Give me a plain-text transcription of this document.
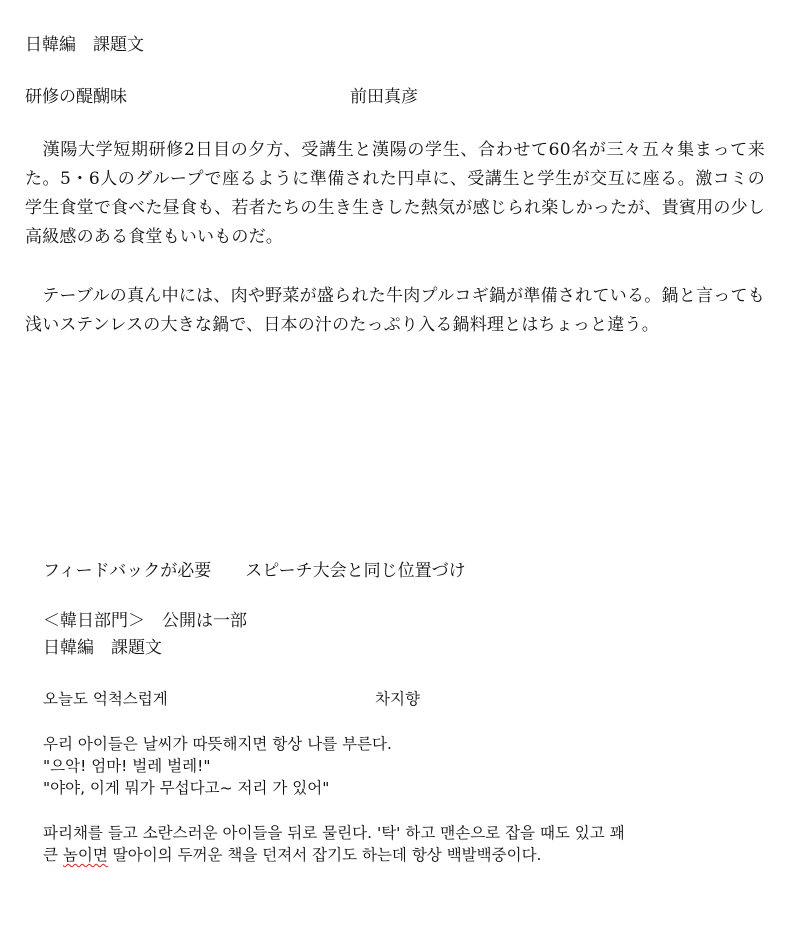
日韓編　課題文
研修の醍醐味	前田真彦
　漢陽大学短期研修2日目の夕方、受講生と漢陽の学生、合わせて60名が三々五々集まって来た。5・6人のグループで座るように準備された円卓に、受講生と学生が交互に座る。激コミの学生食堂で食べた昼食も、若者たちの生き生きした熱気が感じられ楽しかったが、貴賓用の少し高級感のある食堂もいいものだ。
　テーブルの真ん中には、肉や野菜が盛られた牛肉プルコギ鍋が準備されている。鍋と言っても浅いステンレスの大きな鍋で、日本の汁のたっぷり入る鍋料理とはちょっと違う。
フィードバックが必要　　スピーチ大会と同じ位置づけ
＜韓日部門＞　公開は一部
日韓編　課題文
오늘도 억척스럽게	차지향

우리 아이들은 날씨가 따뜻해지면 항상 나를 부른다.

"으악! 엄마! 벌레 벌레!"

"야야, 이게 뭐가 무섭다고~ 저리 가 있어"

파리채를 들고 소란스러운 아이들을 뒤로 물린다. '탁' 하고 맨손으로 잡을 때도 있고 꽤

큰 놈이면 딸아이의 두꺼운 책을 던져서 잡기도 하는데 항상 백발백중이다.
